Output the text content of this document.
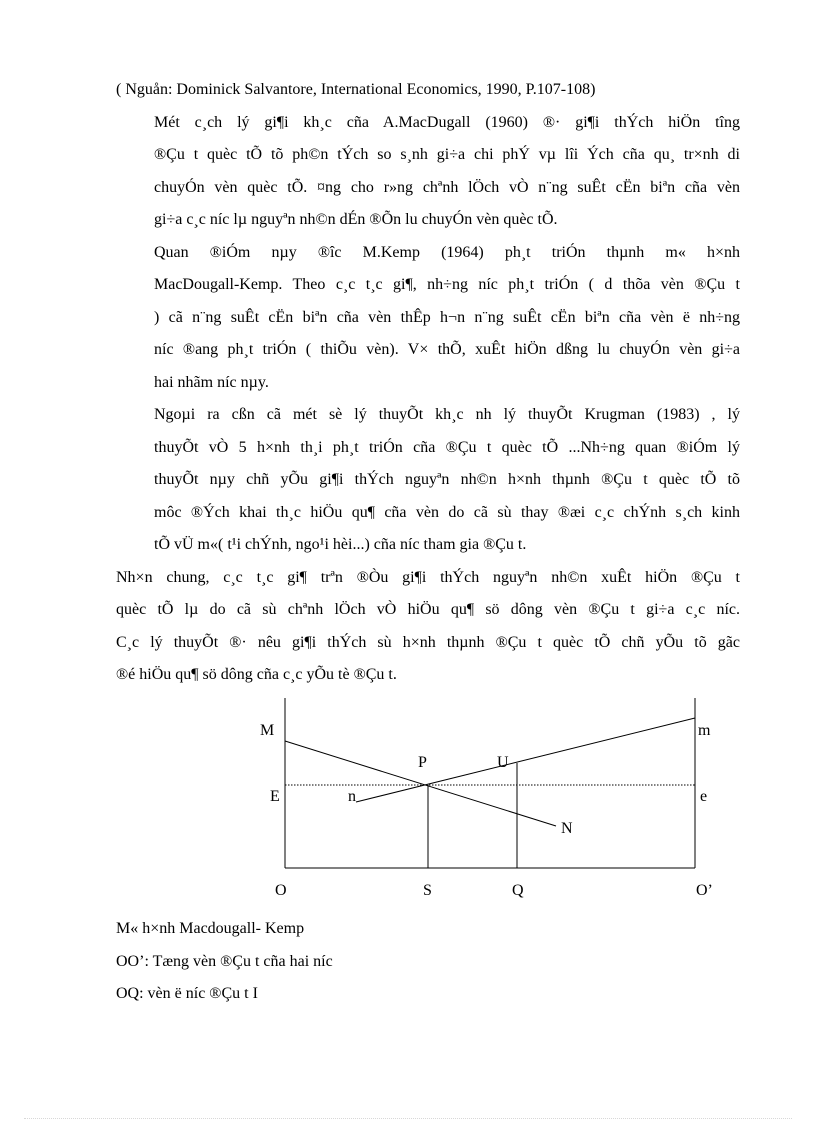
( Nguån: Dominick Salvantore, International Economics, 1990, P.107-108)

Mét c¸ch lý gi¶i kh¸c cña A.MacDugall (1960) ®· gi¶i thÝch hiÖn tîng
®Çu t quèc tÕ tõ ph©n tÝch so s¸nh gi÷a chi phÝ vµ lîi Ých cña qu¸ tr×nh di
chuyÓn vèn quèc tÕ. ¤ng cho r»ng chªnh lÖch vÒ n¨ng suÊt cËn biªn cña vèn
gi÷a c¸c níc lµ nguyªn nh©n dÉn ®Õn lu chuyÓn vèn quèc tÕ.

Quan ®iÓm nµy ®îc M.Kemp (1964) ph¸t triÓn thµnh m« h×nh
MacDougall-Kemp. Theo c¸c t¸c gi¶, nh÷ng níc ph¸t triÓn ( d thõa vèn ®Çu t
) cã n¨ng suÊt cËn biªn cña vèn thÊp h¬n n¨ng suÊt cËn biªn cña vèn ë nh÷ng
níc ®ang ph¸t triÓn ( thiÕu vèn). V× thÕ, xuÊt hiÖn dßng lu chuyÓn vèn gi÷a
hai nhãm níc nµy.

Ngoµi ra cßn cã mét sè lý thuyÕt kh¸c nh lý thuyÕt Krugman (1983) , lý
thuyÕt vÒ 5 h×nh th¸i ph¸t triÓn cña ®Çu t quèc tÕ ...Nh÷ng quan ®iÓm lý
thuyÕt nµy chñ yÕu gi¶i thÝch nguyªn nh©n h×nh thµnh ®Çu t quèc tÕ tõ
môc ®Ých khai th¸c hiÖu qu¶ cña vèn do cã sù thay ®æi c¸c chÝnh s¸ch kinh
tÕ vÜ m«( t¹i chÝnh, ngo¹i hèi...) cña níc tham gia ®Çu t.

Nh×n chung, c¸c t¸c gi¶ trªn ®Òu gi¶i thÝch nguyªn nh©n xuÊt hiÖn ®Çu t
quèc tÕ lµ do cã sù chªnh lÖch vÒ hiÖu qu¶ sö dông vèn ®Çu t gi÷a c¸c níc.
C¸c lý thuyÕt ®· nêu gi¶i thÝch sù h×nh thµnh ®Çu t quèc tÕ chñ yÕu tõ gãc
®é hiÖu qu¶ sö dông cña c¸c yÕu tè ®Çu t.

M	m
P	U
E	n	e
N
O	S	Q	O’
M« h×nh Macdougall- Kemp
OO’: Tæng vèn ®Çu t cña hai níc
OQ: vèn ë níc ®Çu t I
